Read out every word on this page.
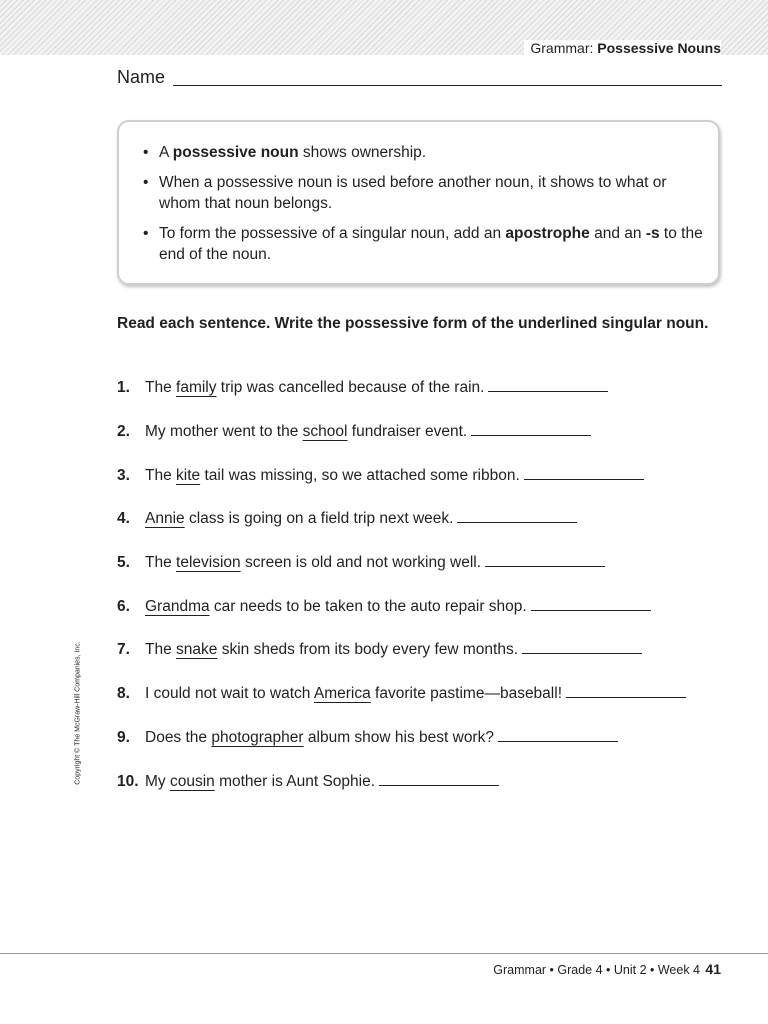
Grammar: Possessive Nouns
Name
• A possessive noun shows ownership.
• When a possessive noun is used before another noun, it shows to what or whom that noun belongs.
• To form the possessive of a singular noun, add an apostrophe and an -s to the end of the noun.
Read each sentence. Write the possessive form of the underlined singular noun.
1. The family trip was cancelled because of the rain.
2. My mother went to the school fundraiser event.
3. The kite tail was missing, so we attached some ribbon.
4. Annie class is going on a field trip next week.
5. The television screen is old and not working well.
6. Grandma car needs to be taken to the auto repair shop.
7. The snake skin sheds from its body every few months.
8. I could not wait to watch America favorite pastime—baseball!
9. Does the photographer album show his best work?
10. My cousin mother is Aunt Sophie.
Copyright © The McGraw-Hill Companies, Inc.
Grammar • Grade 4 • Unit 2 • Week 4 41
